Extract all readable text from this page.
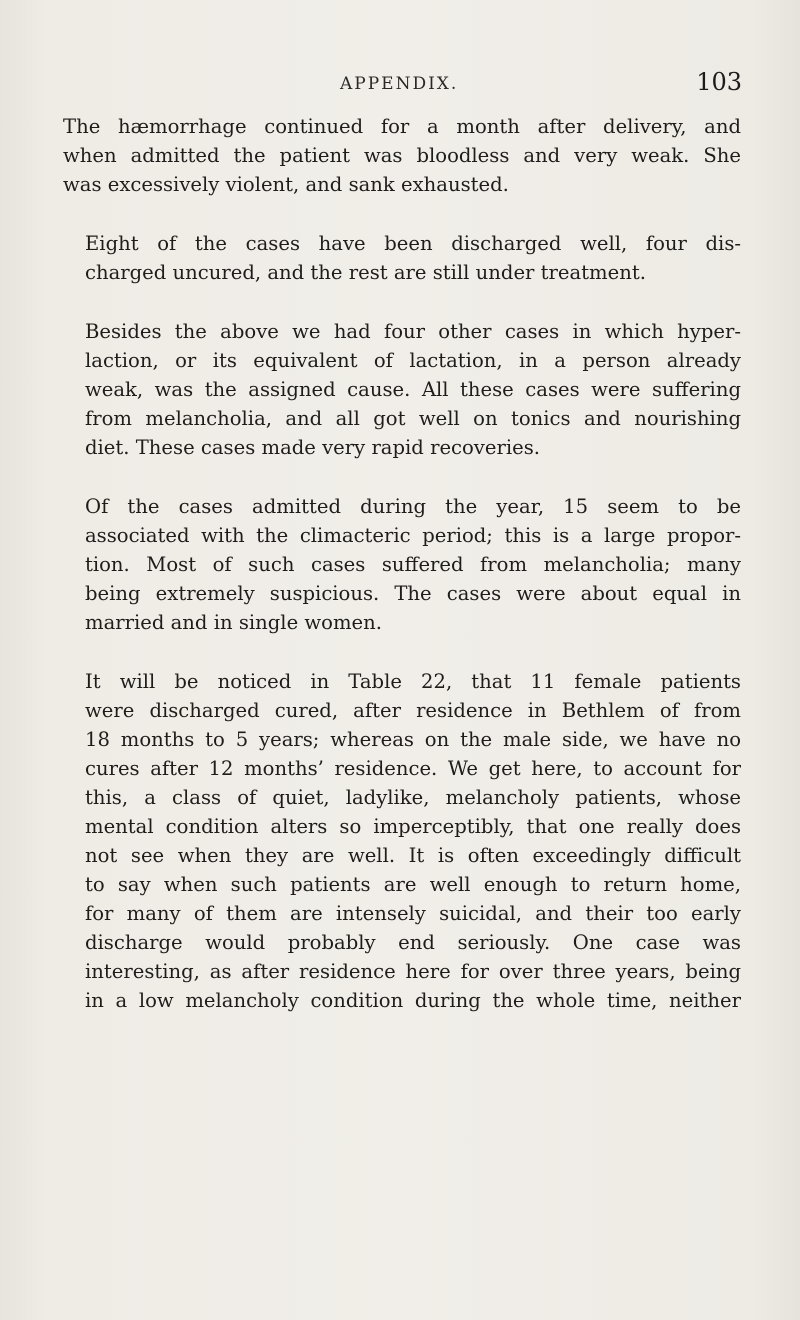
APPENDIX.	103

The hæmorrhage continued for a month after delivery, and
when admitted the patient was bloodless and very weak. She
was excessively violent, and sank exhausted.

Eight of the cases have been discharged well, four dis-
charged uncured, and the rest are still under treatment.

Besides the above we had four other cases in which hyper-
laction, or its equivalent of lactation, in a person already
weak, was the assigned cause. All these cases were suffering
from melancholia, and all got well on tonics and nourishing
diet. These cases made very rapid recoveries.

Of the cases admitted during the year, 15 seem to be
associated with the climacteric period; this is a large propor-
tion. Most of such cases suffered from melancholia; many
being extremely suspicious. The cases were about equal in
married and in single women.

It will be noticed in Table 22, that 11 female patients
were discharged cured, after residence in Bethlem of from
18 months to 5 years; whereas on the male side, we have no
cures after 12 months’ residence. We get here, to account for
this, a class of quiet, ladylike, melancholy patients, whose
mental condition alters so imperceptibly, that one really does
not see when they are well. It is often exceedingly difficult
to say when such patients are well enough to return home,
for many of them are intensely suicidal, and their too early
discharge would probably end seriously. One case was
interesting, as after residence here for over three years, being
in a low melancholy condition during the whole time, neither
